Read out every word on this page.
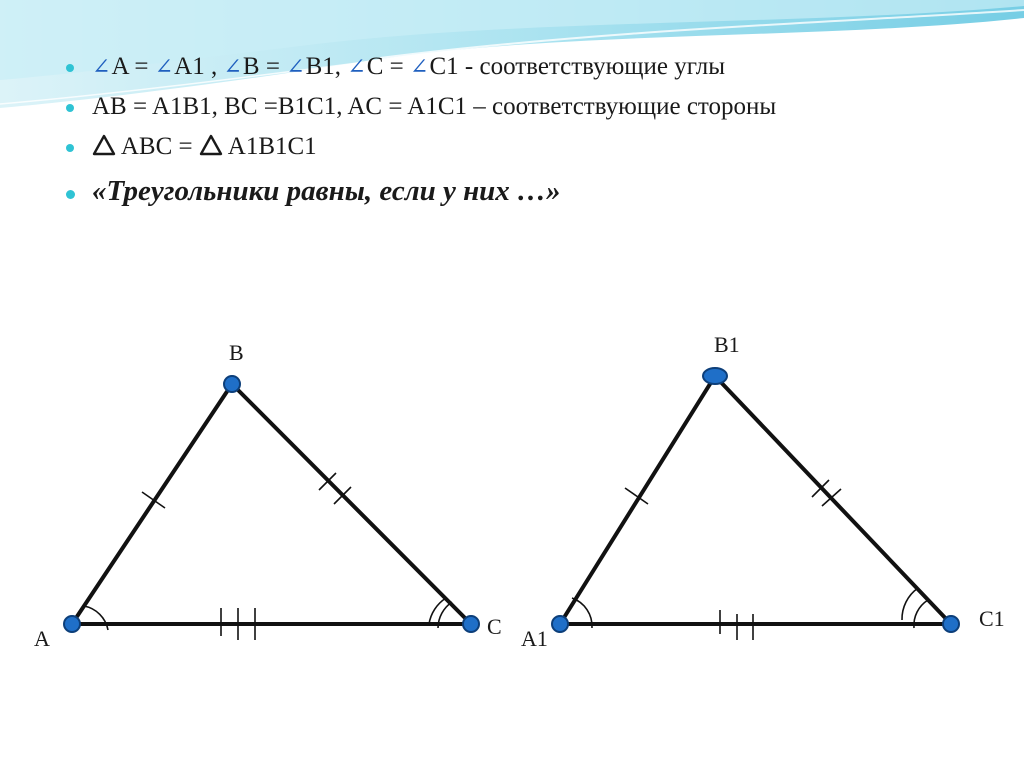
∠A = ∠A1 , ∠B = ∠B1, ∠C = ∠C1 - соответствующие углы
AB = A1B1, BC =B1C1, AC = A1C1 – соответствующие стороны
ABC =  A1B1C1
«Треугольники равны, если у них …»
A
B
C A1
B1
C1
